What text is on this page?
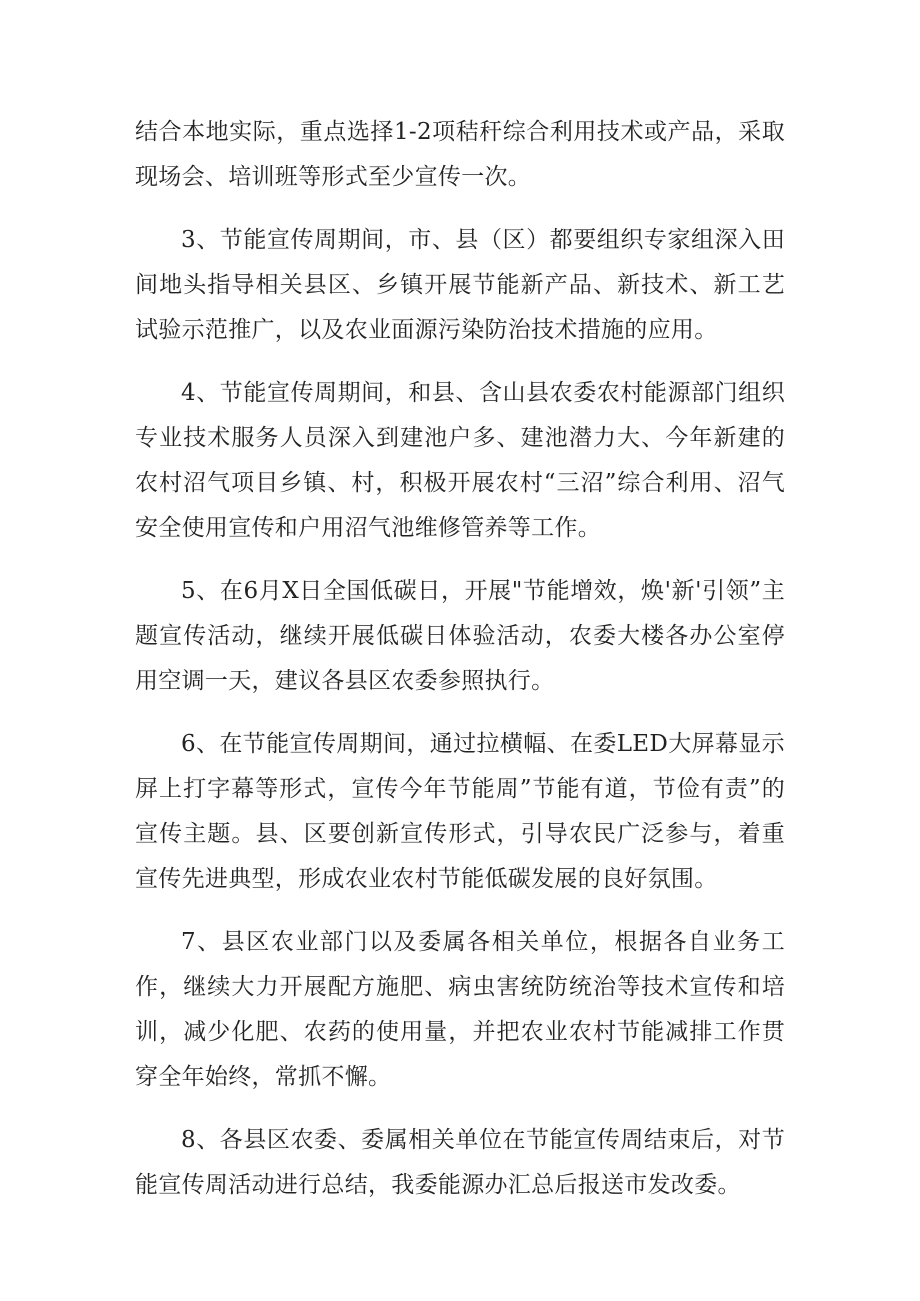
结合本地实际，重点选择1-2项秸秆综合利用技术或产品，采取现场会、培训班等形式至少宣传一次。

3、节能宣传周期间，市、县（区）都要组织专家组深入田间地头指导相关县区、乡镇开展节能新产品、新技术、新工艺试验示范推广，以及农业面源污染防治技术措施的应用。

4、节能宣传周期间，和县、含山县农委农村能源部门组织专业技术服务人员深入到建池户多、建池潜力大、今年新建的农村沼气项目乡镇、村，积极开展农村“三沼”综合利用、沼气安全使用宣传和户用沼气池维修管养等工作。

5、在6月X日全国低碳日，开展"节能增效，焕'新'引领”主题宣传活动，继续开展低碳日体验活动，农委大楼各办公室停用空调一天，建议各县区农委参照执行。

6、在节能宣传周期间，通过拉横幅、在委LED大屏幕显示屏上打字幕等形式，宣传今年节能周”节能有道，节俭有责”的宣传主题。县、区要创新宣传形式，引导农民广泛参与，着重宣传先进典型，形成农业农村节能低碳发展的良好氛围。

7、县区农业部门以及委属各相关单位，根据各自业务工作，继续大力开展配方施肥、病虫害统防统治等技术宣传和培训，减少化肥、农药的使用量，并把农业农村节能减排工作贯穿全年始终，常抓不懈。

8、各县区农委、委属相关单位在节能宣传周结束后，对节能宣传周活动进行总结，我委能源办汇总后报送市发改委。
